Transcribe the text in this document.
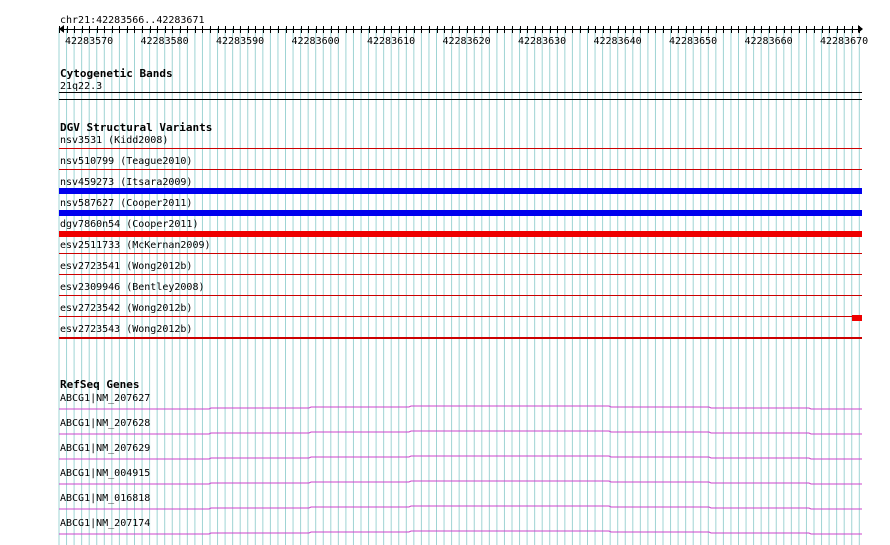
chr21:42283566..42283671
42283570	42283580	42283590	42283600	42283610	42283620	42283630	42283640	42283650	42283660	42283670
Cytogenetic Bands
21q22.3
DGV Structural Variants
nsv3531 (Kidd2008)
nsv510799 (Teague2010)
nsv459273 (Itsara2009)
nsv587627 (Cooper2011)
dgv7860n54 (Cooper2011)
esv2511733 (McKernan2009)
esv2723541 (Wong2012b)
esv2309946 (Bentley2008)
esv2723542 (Wong2012b)
esv2723543 (Wong2012b)
RefSeq Genes
ABCG1|NM_207627
ABCG1|NM_207628
ABCG1|NM_207629
ABCG1|NM_004915
ABCG1|NM_016818
ABCG1|NM_207174
